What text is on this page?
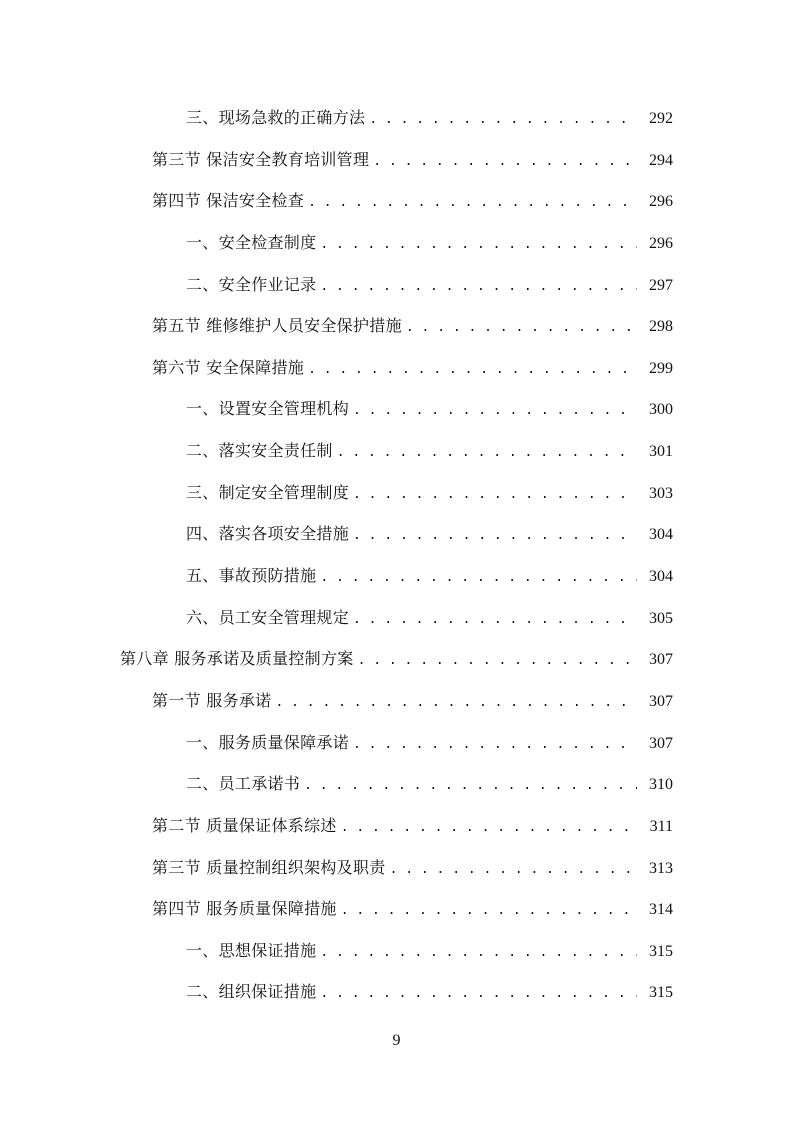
三、现场急救的正确方法 . . .	292
第三节 保洁安全教育培训管理 . . .	294
第四节 保洁安全检查 . . .	296
一、安全检查制度 . . .	296
二、安全作业记录 . . .	297
第五节 维修维护人员安全保护措施 . . .	298
第六节 安全保障措施 . . .	299
一、设置安全管理机构 . . .	300
二、落实安全责任制 . . .	301
三、制定安全管理制度 . . .	303
四、落实各项安全措施 . . .	304
五、事故预防措施 . . .	304
六、员工安全管理规定 . . .	305
第八章 服务承诺及质量控制方案 . . .	307
第一节 服务承诺 . . .	307
一、服务质量保障承诺 . . .	307
二、员工承诺书 . . .	310
第二节 质量保证体系综述 . . .	311
第三节 质量控制组织架构及职责 . . .	313
第四节 服务质量保障措施 . . .	314
一、思想保证措施 . . .	315
二、组织保证措施 . . .	315
9
